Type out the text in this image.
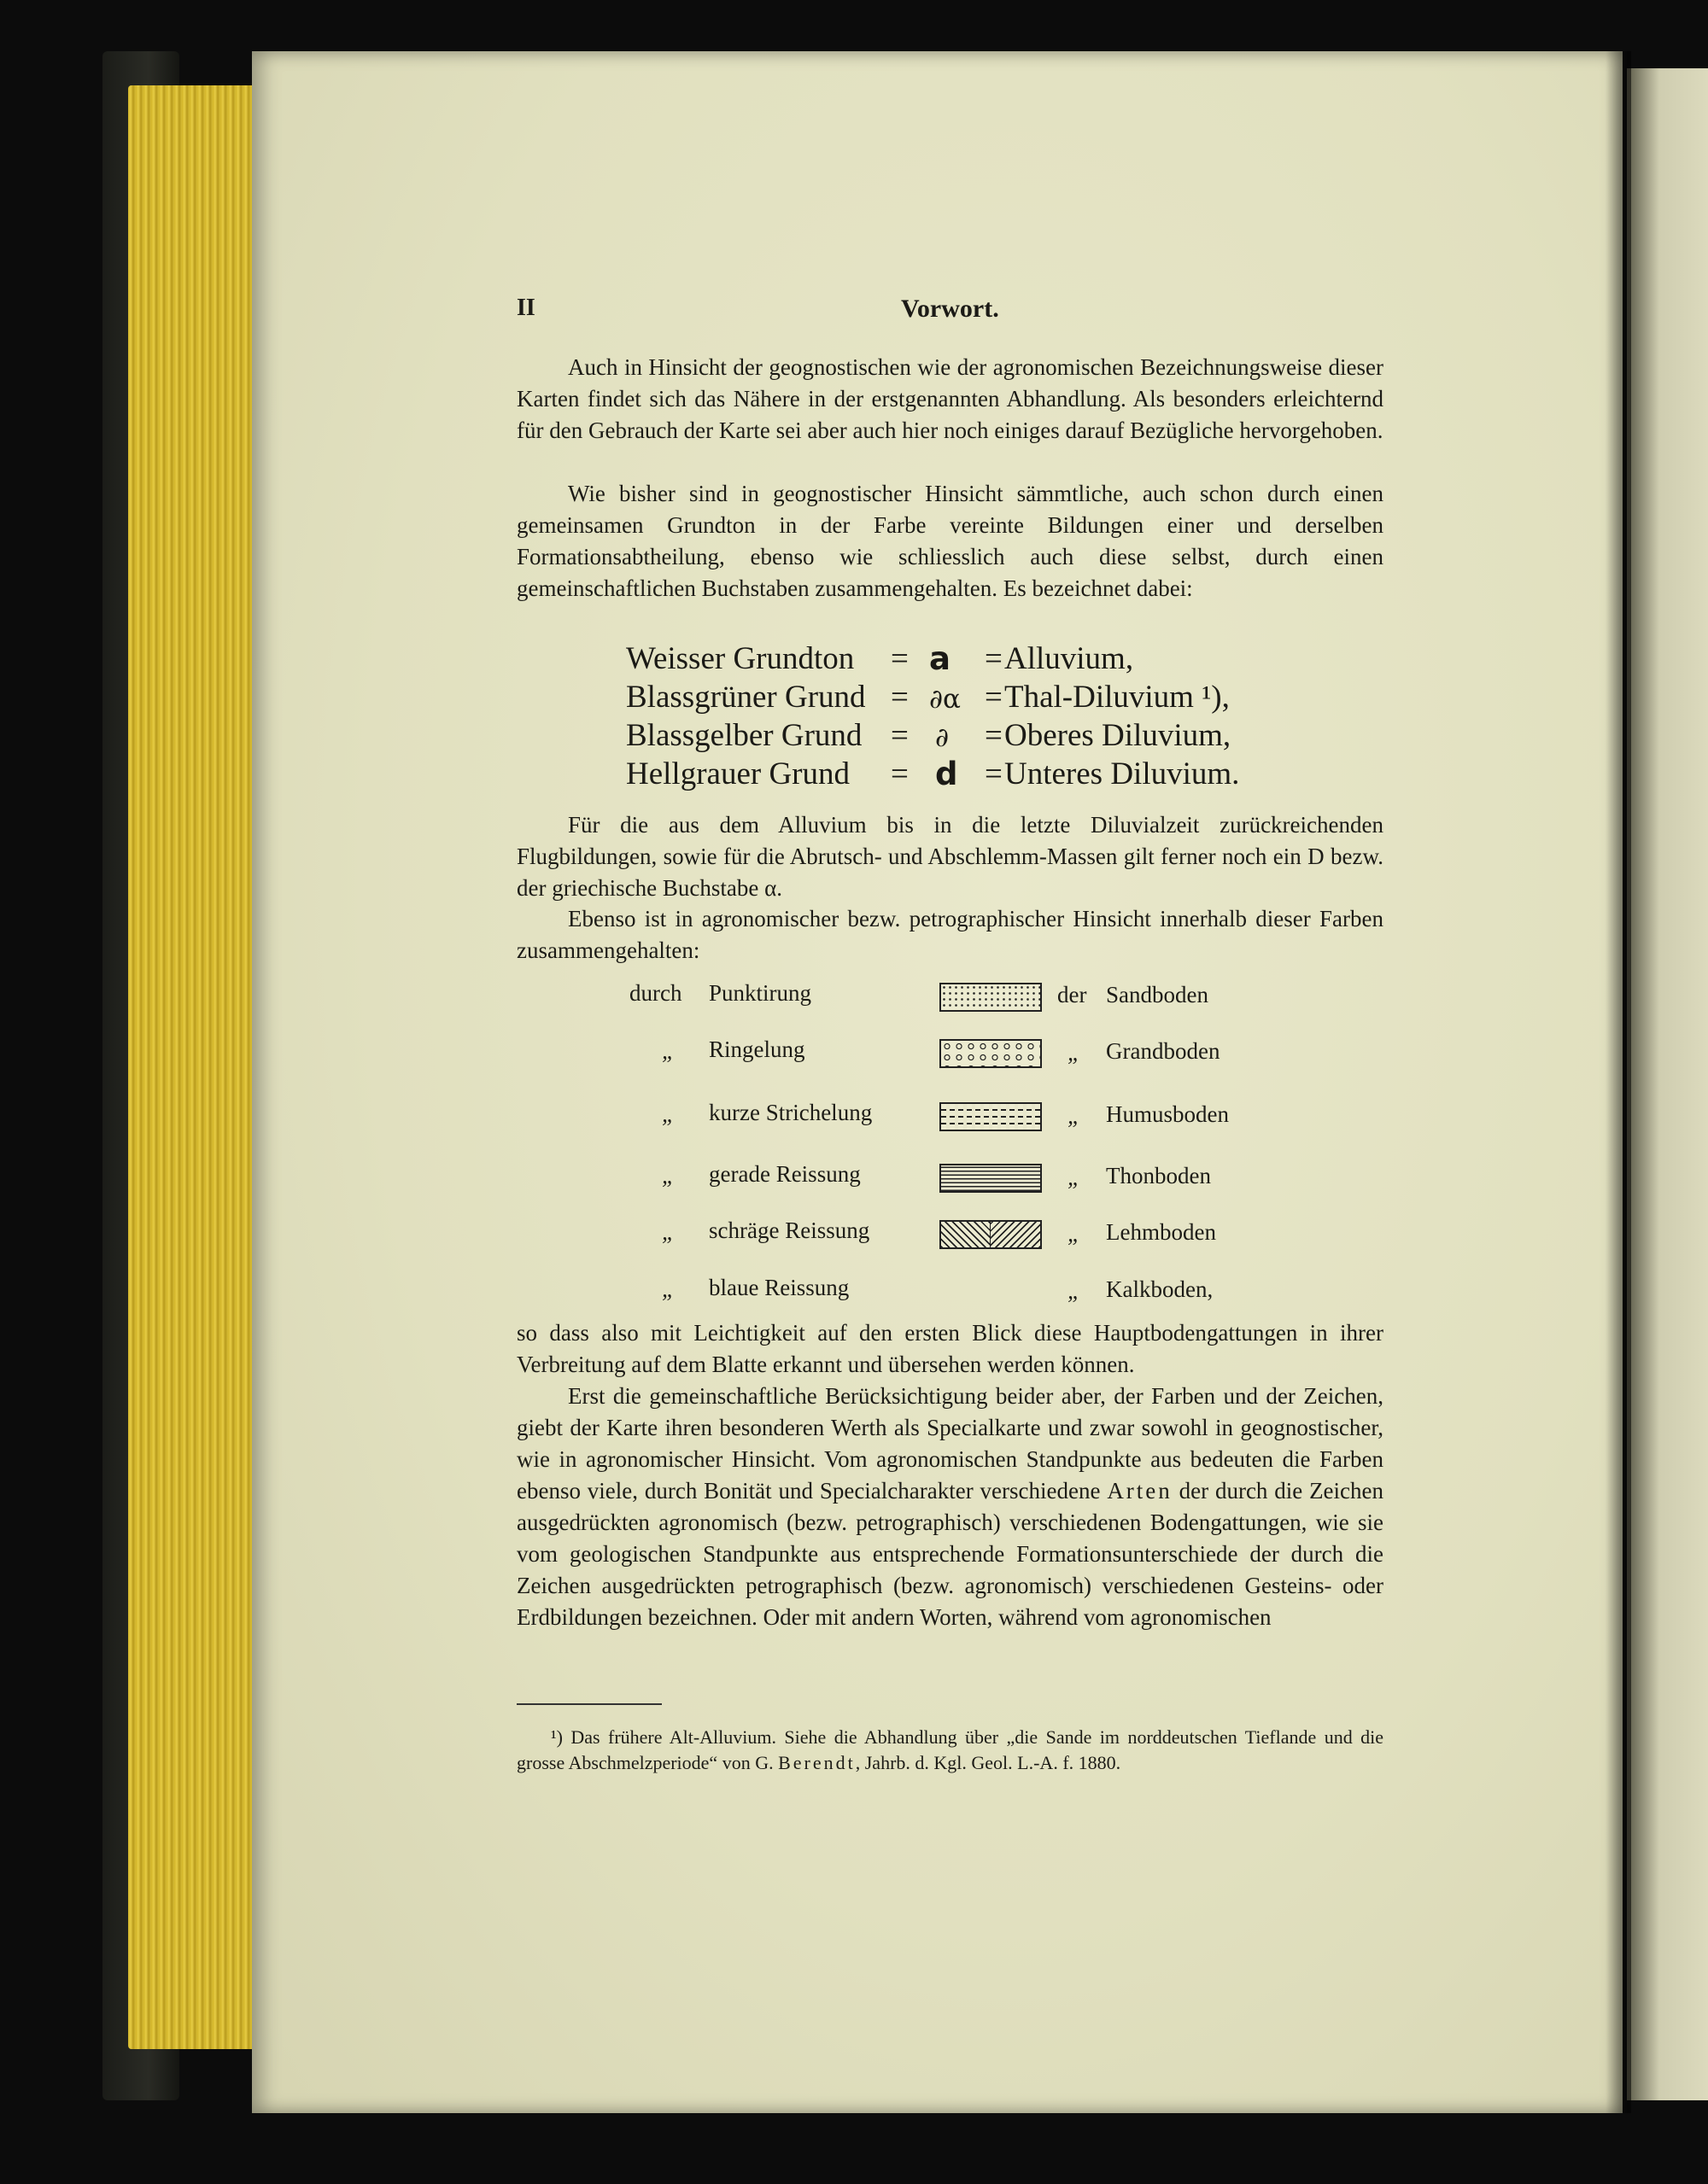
II	Vorwort.
Auch in Hinsicht der geognostischen wie der agronomischen Bezeichnungsweise dieser Karten findet sich das Nähere in der erstgenannten Abhandlung. Als besonders erleichternd für den Gebrauch der Karte sei aber auch hier noch einiges darauf Bezügliche hervorgehoben.
Wie bisher sind in geognostischer Hinsicht sämmtliche, auch schon durch einen gemeinsamen Grundton in der Farbe vereinte Bildungen einer und derselben Formationsabtheilung, ebenso wie schliesslich auch diese selbst, durch einen gemeinschaftlichen Buchstaben zusammengehalten. Es bezeichnet dabei:
Weisser Grundton = a = Alluvium,
Blassgrüner Grund = ∂α = Thal-Diluvium ¹),
Blassgelber Grund = ∂ = Oberes Diluvium,
Hellgrauer Grund = d = Unteres Diluvium.
Für die aus dem Alluvium bis in die letzte Diluvialzeit zurückreichenden Flugbildungen, sowie für die Abrutsch- und Abschlemm-Massen gilt ferner noch ein D bezw. der griechische Buchstabe α.
Ebenso ist in agronomischer bezw. petrographischer Hinsicht innerhalb dieser Farben zusammengehalten:
durch Punktirung	der Sandboden
„ Ringelung	„ Grandboden
„ kurze Strichelung	„ Humusboden
„ gerade Reissung	„ Thonboden
„ schräge Reissung	„ Lehmboden
„ blaue Reissung	„ Kalkboden,
so dass also mit Leichtigkeit auf den ersten Blick diese Hauptbodengattungen in ihrer Verbreitung auf dem Blatte erkannt und übersehen werden können.
Erst die gemeinschaftliche Berücksichtigung beider aber, der Farben und der Zeichen, giebt der Karte ihren besonderen Werth als Specialkarte und zwar sowohl in geognostischer, wie in agronomischer Hinsicht. Vom agronomischen Standpunkte aus bedeuten die Farben ebenso viele, durch Bonität und Specialcharakter verschiedene Arten der durch die Zeichen ausgedrückten agronomisch (bezw. petrographisch) verschiedenen Bodengattungen, wie sie vom geologischen Standpunkte aus entsprechende Formationsunterschiede der durch die Zeichen ausgedrückten petrographisch (bezw. agronomisch) verschiedenen Gesteins- oder Erdbildungen bezeichnen. Oder mit andern Worten, während vom agronomischen
¹) Das frühere Alt-Alluvium. Siehe die Abhandlung über „die Sande im norddeutschen Tieflande und die grosse Abschmelzperiode“ von G. Berendt, Jahrb. d. Kgl. Geol. L.-A. f. 1880.
